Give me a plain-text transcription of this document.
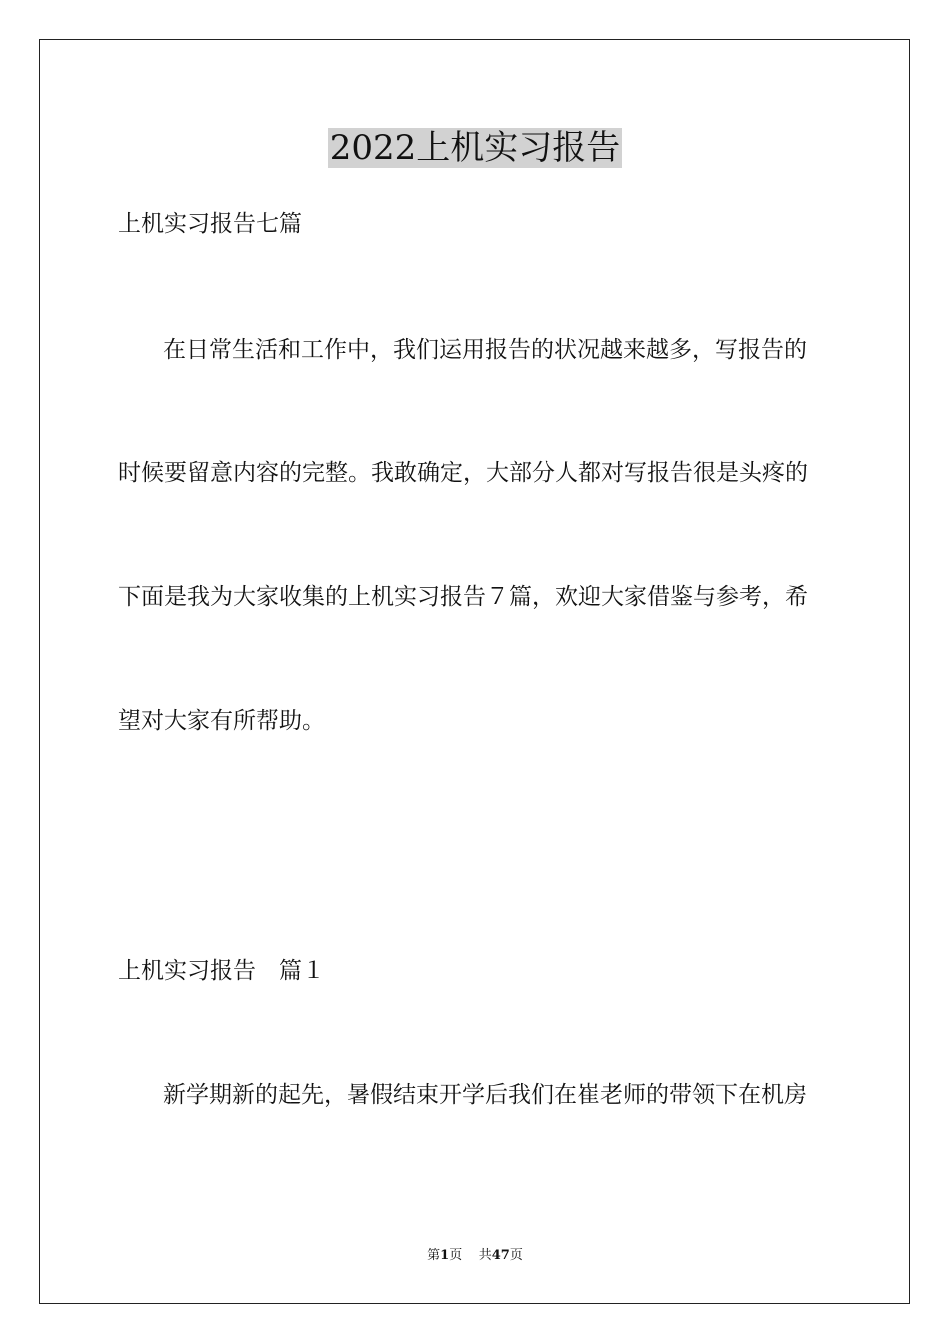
2022上机实习报告

上机实习报告七篇

在日常生活和工作中，我们运用报告的状况越来越多，写报告的

时候要留意内容的完整。我敢确定，大部分人都对写报告很是头疼的

下面是我为大家收集的上机实习报告７篇，欢迎大家借鉴与参考，希

望对大家有所帮助。

上机实习报告　篇１

新学期新的起先，暑假结束开学后我们在崔老师的带领下在机房

第1页 共47页
